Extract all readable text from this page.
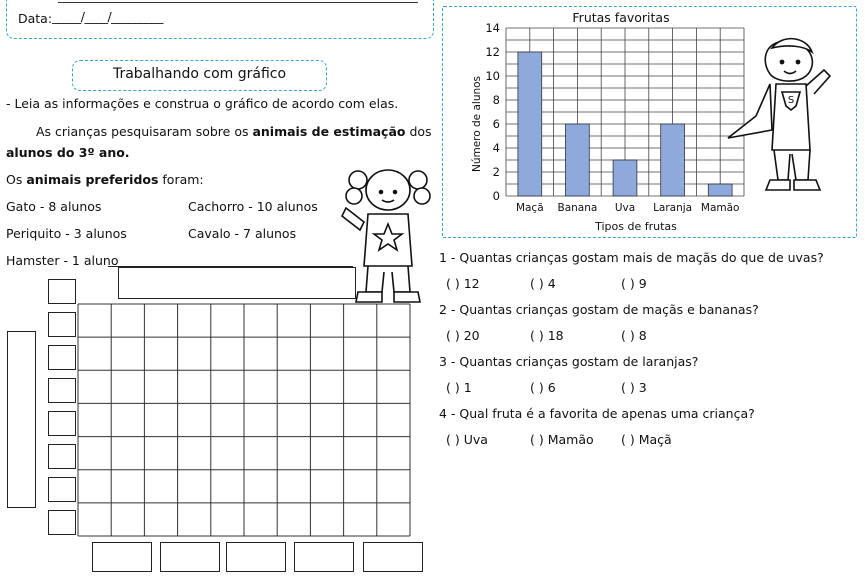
Data: _____/____/_________
Trabalhando com gráfico
- Leia as informações e construa o gráfico de acordo com elas.
As crianças pesquisaram sobre os animais de estimação dos
alunos do 3º ano.
Os animais preferidos foram:
Gato - 8 alunos	Cachorro - 10 alunos
Periquito - 3 alunos	Cavalo - 7 alunos
Hamster - 1 aluno
Frutas favoritas
0
2
4
6
8
10
12
14
Maçã Banana Uva Laranja Mamão
Número de alunos
Tipos de frutas
S
1 - Quantas crianças gostam mais de maçãs do que de uvas?
( ) 12	( ) 4	( ) 9
2 - Quantas crianças gostam de maçãs e bananas?
( ) 20	( ) 18	( ) 8
3 - Quantas crianças gostam de laranjas?
( ) 1	( ) 6	( ) 3
4 - Qual fruta é a favorita de apenas uma criança?
( ) Uva	( ) Mamão ( ) Maçã
